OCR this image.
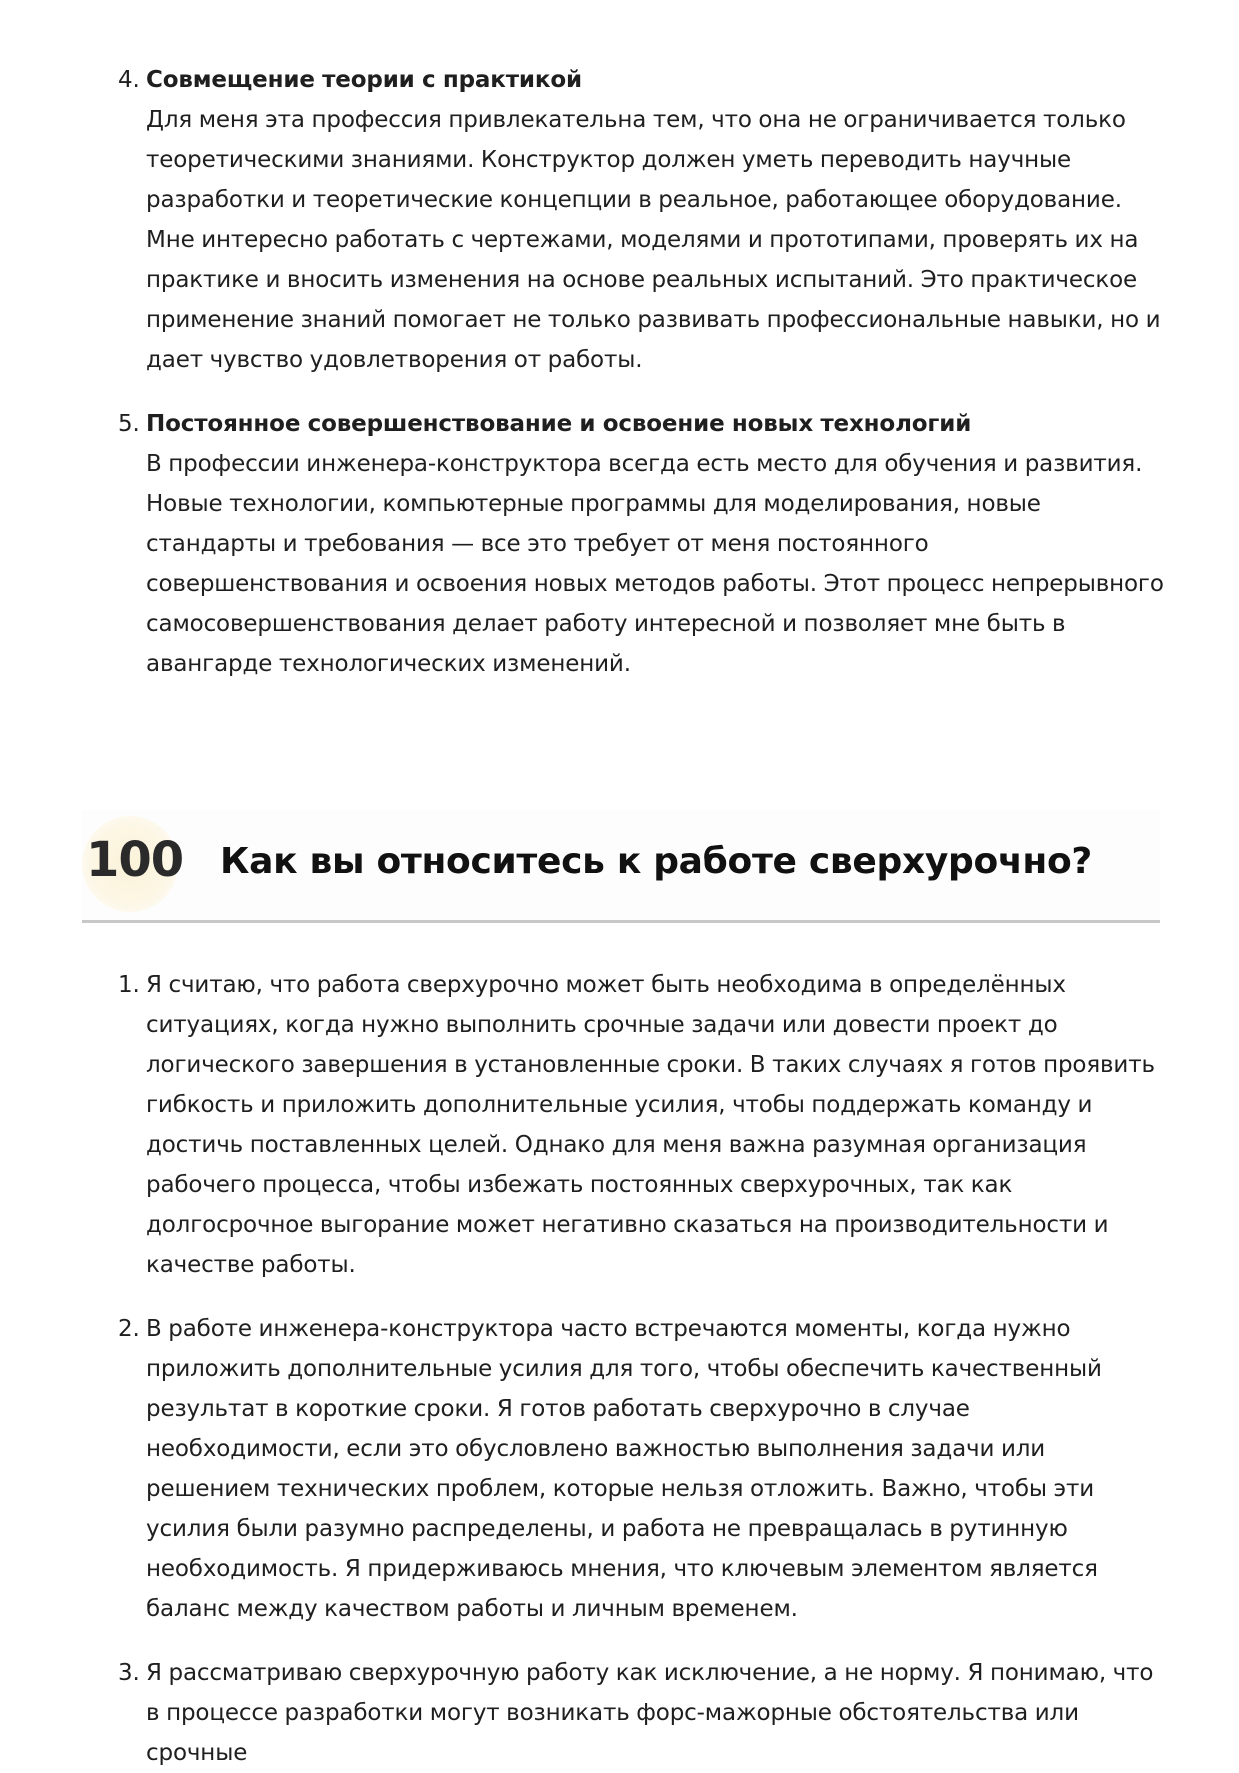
4. Совмещение теории с практикой
Для меня эта профессия привлекательна тем, что она не ограничивается только теоретическими знаниями. Конструктор должен уметь переводить научные разработки и теоретические концепции в реальное, работающее оборудование. Мне интересно работать с чертежами, моделями и прототипами, проверять их на практике и вносить изменения на основе реальных испытаний. Это практическое применение знаний помогает не только развивать профессиональные навыки, но и дает чувство удовлетворения от работы.
5. Постоянное совершенствование и освоение новых технологий
В профессии инженера-конструктора всегда есть место для обучения и развития. Новые технологии, компьютерные программы для моделирования, новые стандарты и требования — все это требует от меня постоянного совершенствования и освоения новых методов работы. Этот процесс непрерывного самосовершенствования делает работу интересной и позволяет мне быть в авангарде технологических изменений.
100 Как вы относитесь к работе сверхурочно?
1. Я считаю, что работа сверхурочно может быть необходима в определённых ситуациях, когда нужно выполнить срочные задачи или довести проект до логического завершения в установленные сроки. В таких случаях я готов проявить гибкость и приложить дополнительные усилия, чтобы поддержать команду и достичь поставленных целей. Однако для меня важна разумная организация рабочего процесса, чтобы избежать постоянных сверхурочных, так как долгосрочное выгорание может негативно сказаться на производительности и качестве работы.
2. В работе инженера-конструктора часто встречаются моменты, когда нужно приложить дополнительные усилия для того, чтобы обеспечить качественный результат в короткие сроки. Я готов работать сверхурочно в случае необходимости, если это обусловлено важностью выполнения задачи или решением технических проблем, которые нельзя отложить. Важно, чтобы эти усилия были разумно распределены, и работа не превращалась в рутинную необходимость. Я придерживаюсь мнения, что ключевым элементом является баланс между качеством работы и личным временем.
3. Я рассматриваю сверхурочную работу как исключение, а не норму. Я понимаю, что в процессе разработки могут возникать форс-мажорные обстоятельства или срочные
